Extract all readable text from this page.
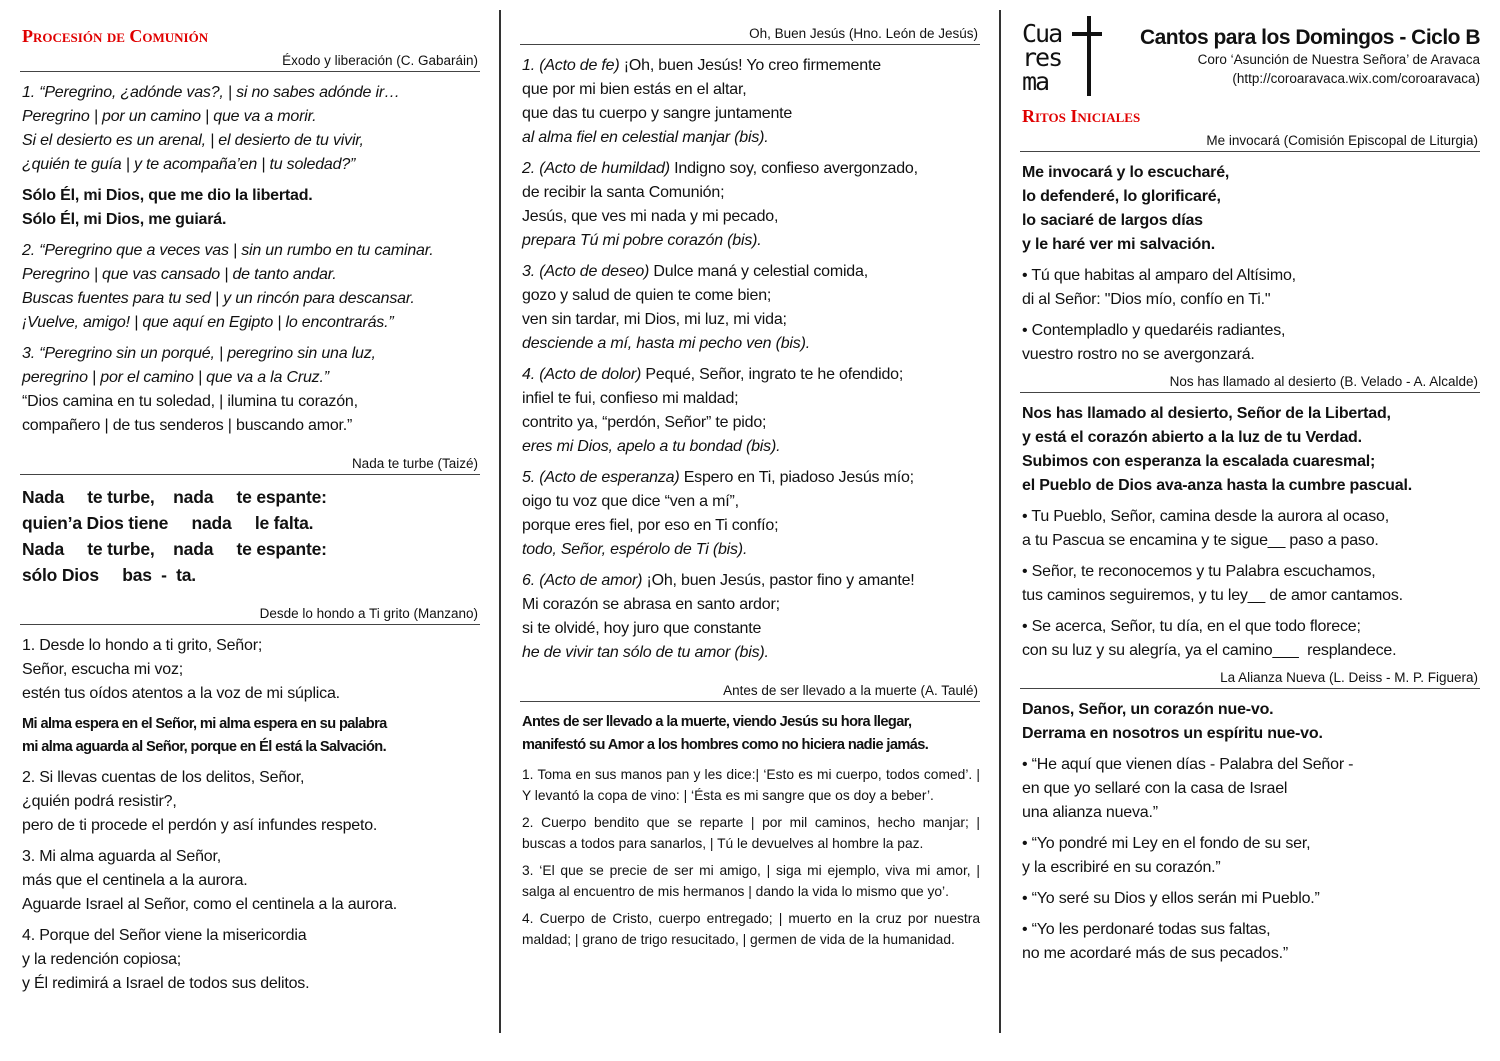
Procesión de Comunión
Éxodo y liberación (C. Gabaráin)
1. “Peregrino, ¿adónde vas?, | si no sabes adónde ir…
Peregrino | por un camino | que va a morir.
Si el desierto es un arenal, | el desierto de tu vivir,
¿quién te guía | y te acompaña’en | tu soledad?”
Sólo Él, mi Dios, que me dio la libertad.
Sólo Él, mi Dios, me guiará.
2. “Peregrino que a veces vas | sin un rumbo en tu caminar.
Peregrino | que vas cansado | de tanto andar.
Buscas fuentes para tu sed | y un rincón para descansar.
¡Vuelve, amigo! | que aquí en Egipto | lo encontrarás.”
3. “Peregrino sin un porqué, | peregrino sin una luz,
peregrino | por el camino | que va a la Cruz.”
“Dios camina en tu soledad, | ilumina tu corazón,
compañero | de tus senderos | buscando amor.”
Nada te turbe (Taizé)
Nada     te turbe,    nada     te espante:
quien’a Dios tiene     nada     le falta.
Nada     te turbe,    nada     te espante:
sólo Dios     bas  -  ta.
Desde lo hondo a Ti grito (Manzano)
1. Desde lo hondo a ti grito, Señor;
Señor, escucha mi voz;
estén tus oídos atentos a la voz de mi súplica.
Mi alma espera en el Señor, mi alma espera en su palabra
mi alma aguarda al Señor, porque en Él está la Salvación.
2. Si llevas cuentas de los delitos, Señor,
¿quién podrá resistir?,
pero de ti procede el perdón y así infundes respeto.
3. Mi alma aguarda al Señor,
más que el centinela a la aurora.
Aguarde Israel al Señor, como el centinela a la aurora.
4. Porque del Señor viene la misericordia
y la redención copiosa;
y Él redimirá a Israel de todos sus delitos.
Oh, Buen Jesús (Hno. León de Jesús)
1. (Acto de fe) ¡Oh, buen Jesús! Yo creo firmemente
que por mi bien estás en el altar,
que das tu cuerpo y sangre juntamente
al alma fiel en celestial manjar (bis).
2. (Acto de humildad) Indigno soy, confieso avergonzado,
de recibir la santa Comunión;
Jesús, que ves mi nada y mi pecado,
prepara Tú mi pobre corazón (bis).
3. (Acto de deseo) Dulce maná y celestial comida,
gozo y salud de quien te come bien;
ven sin tardar, mi Dios, mi luz, mi vida;
desciende a mí, hasta mi pecho ven (bis).
4. (Acto de dolor) Pequé, Señor, ingrato te he ofendido;
infiel te fui, confieso mi maldad;
contrito ya, “perdón, Señor” te pido;
eres mi Dios, apelo a tu bondad (bis).
5. (Acto de esperanza) Espero en Ti, piadoso Jesús mío;
oigo tu voz que dice “ven a mí”,
porque eres fiel, por eso en Ti confío;
todo, Señor, espérolo de Ti (bis).
6. (Acto de amor) ¡Oh, buen Jesús, pastor fino y amante!
Mi corazón se abrasa en santo ardor;
si te olvidé, hoy juro que constante
he de vivir tan sólo de tu amor (bis).
Antes de ser llevado a la muerte (A. Taulé)
Antes de ser llevado a la muerte, viendo Jesús su hora llegar,
manifestó su Amor a los hombres como no hiciera nadie jamás.
1. Toma en sus manos pan y les dice:| ‘Esto es mi cuerpo, todos comed’. | Y levantó la copa de vino: | ‘Ésta es mi sangre que os doy a beber’.
2. Cuerpo bendito que se reparte | por mil caminos, hecho manjar; | buscas a todos para sanarlos, | Tú le devuelves al hombre la paz.
3. ‘El que se precie de ser mi amigo, | siga mi ejemplo, viva mi amor, | salga al encuentro de mis hermanos | dando la vida lo mismo que yo’.
4. Cuerpo de Cristo, cuerpo entregado; | muerto en la cruz por nuestra maldad; | grano de trigo resucitado, | germen de vida de la humanidad.
Cua
res
ma
Cantos para los Domingos - Ciclo B
Coro ‘Asunción de Nuestra Señora’ de Aravaca
(http://coroaravaca.wix.com/coroaravaca)
Ritos Iniciales
Me invocará (Comisión Episcopal de Liturgia)
Me invocará y lo escucharé,
lo defenderé, lo glorificaré,
lo saciaré de largos días
y le haré ver mi salvación.
• Tú que habitas al amparo del Altísimo,
di al Señor: "Dios mío, confío en Ti."
• Contempladlo y quedaréis radiantes,
vuestro rostro no se avergonzará.
Nos has llamado al desierto (B. Velado - A. Alcalde)
Nos has llamado al desierto, Señor de la Libertad,
y está el corazón abierto a la luz de tu Verdad.
Subimos con esperanza la escalada cuaresmal;
el Pueblo de Dios ava-anza hasta la cumbre pascual.
• Tu Pueblo, Señor, camina desde la aurora al ocaso,
a tu Pascua se encamina y te sigue__ paso a paso.
• Señor, te reconocemos y tu Palabra escuchamos,
tus caminos seguiremos, y tu ley__ de amor cantamos.
• Se acerca, Señor, tu día, en el que todo florece;
con su luz y su alegría, ya el camino___  resplandece.
La Alianza Nueva (L. Deiss - M. P. Figuera)
Danos, Señor, un corazón nue-vo.
Derrama en nosotros un espíritu nue-vo.
• “He aquí que vienen días - Palabra del Señor -
en que yo sellaré con la casa de Israel
una alianza nueva.”
• “Yo pondré mi Ley en el fondo de su ser,
y la escribiré en su corazón.”
• “Yo seré su Dios y ellos serán mi Pueblo.”
• “Yo les perdonaré todas sus faltas,
no me acordaré más de sus pecados.”
